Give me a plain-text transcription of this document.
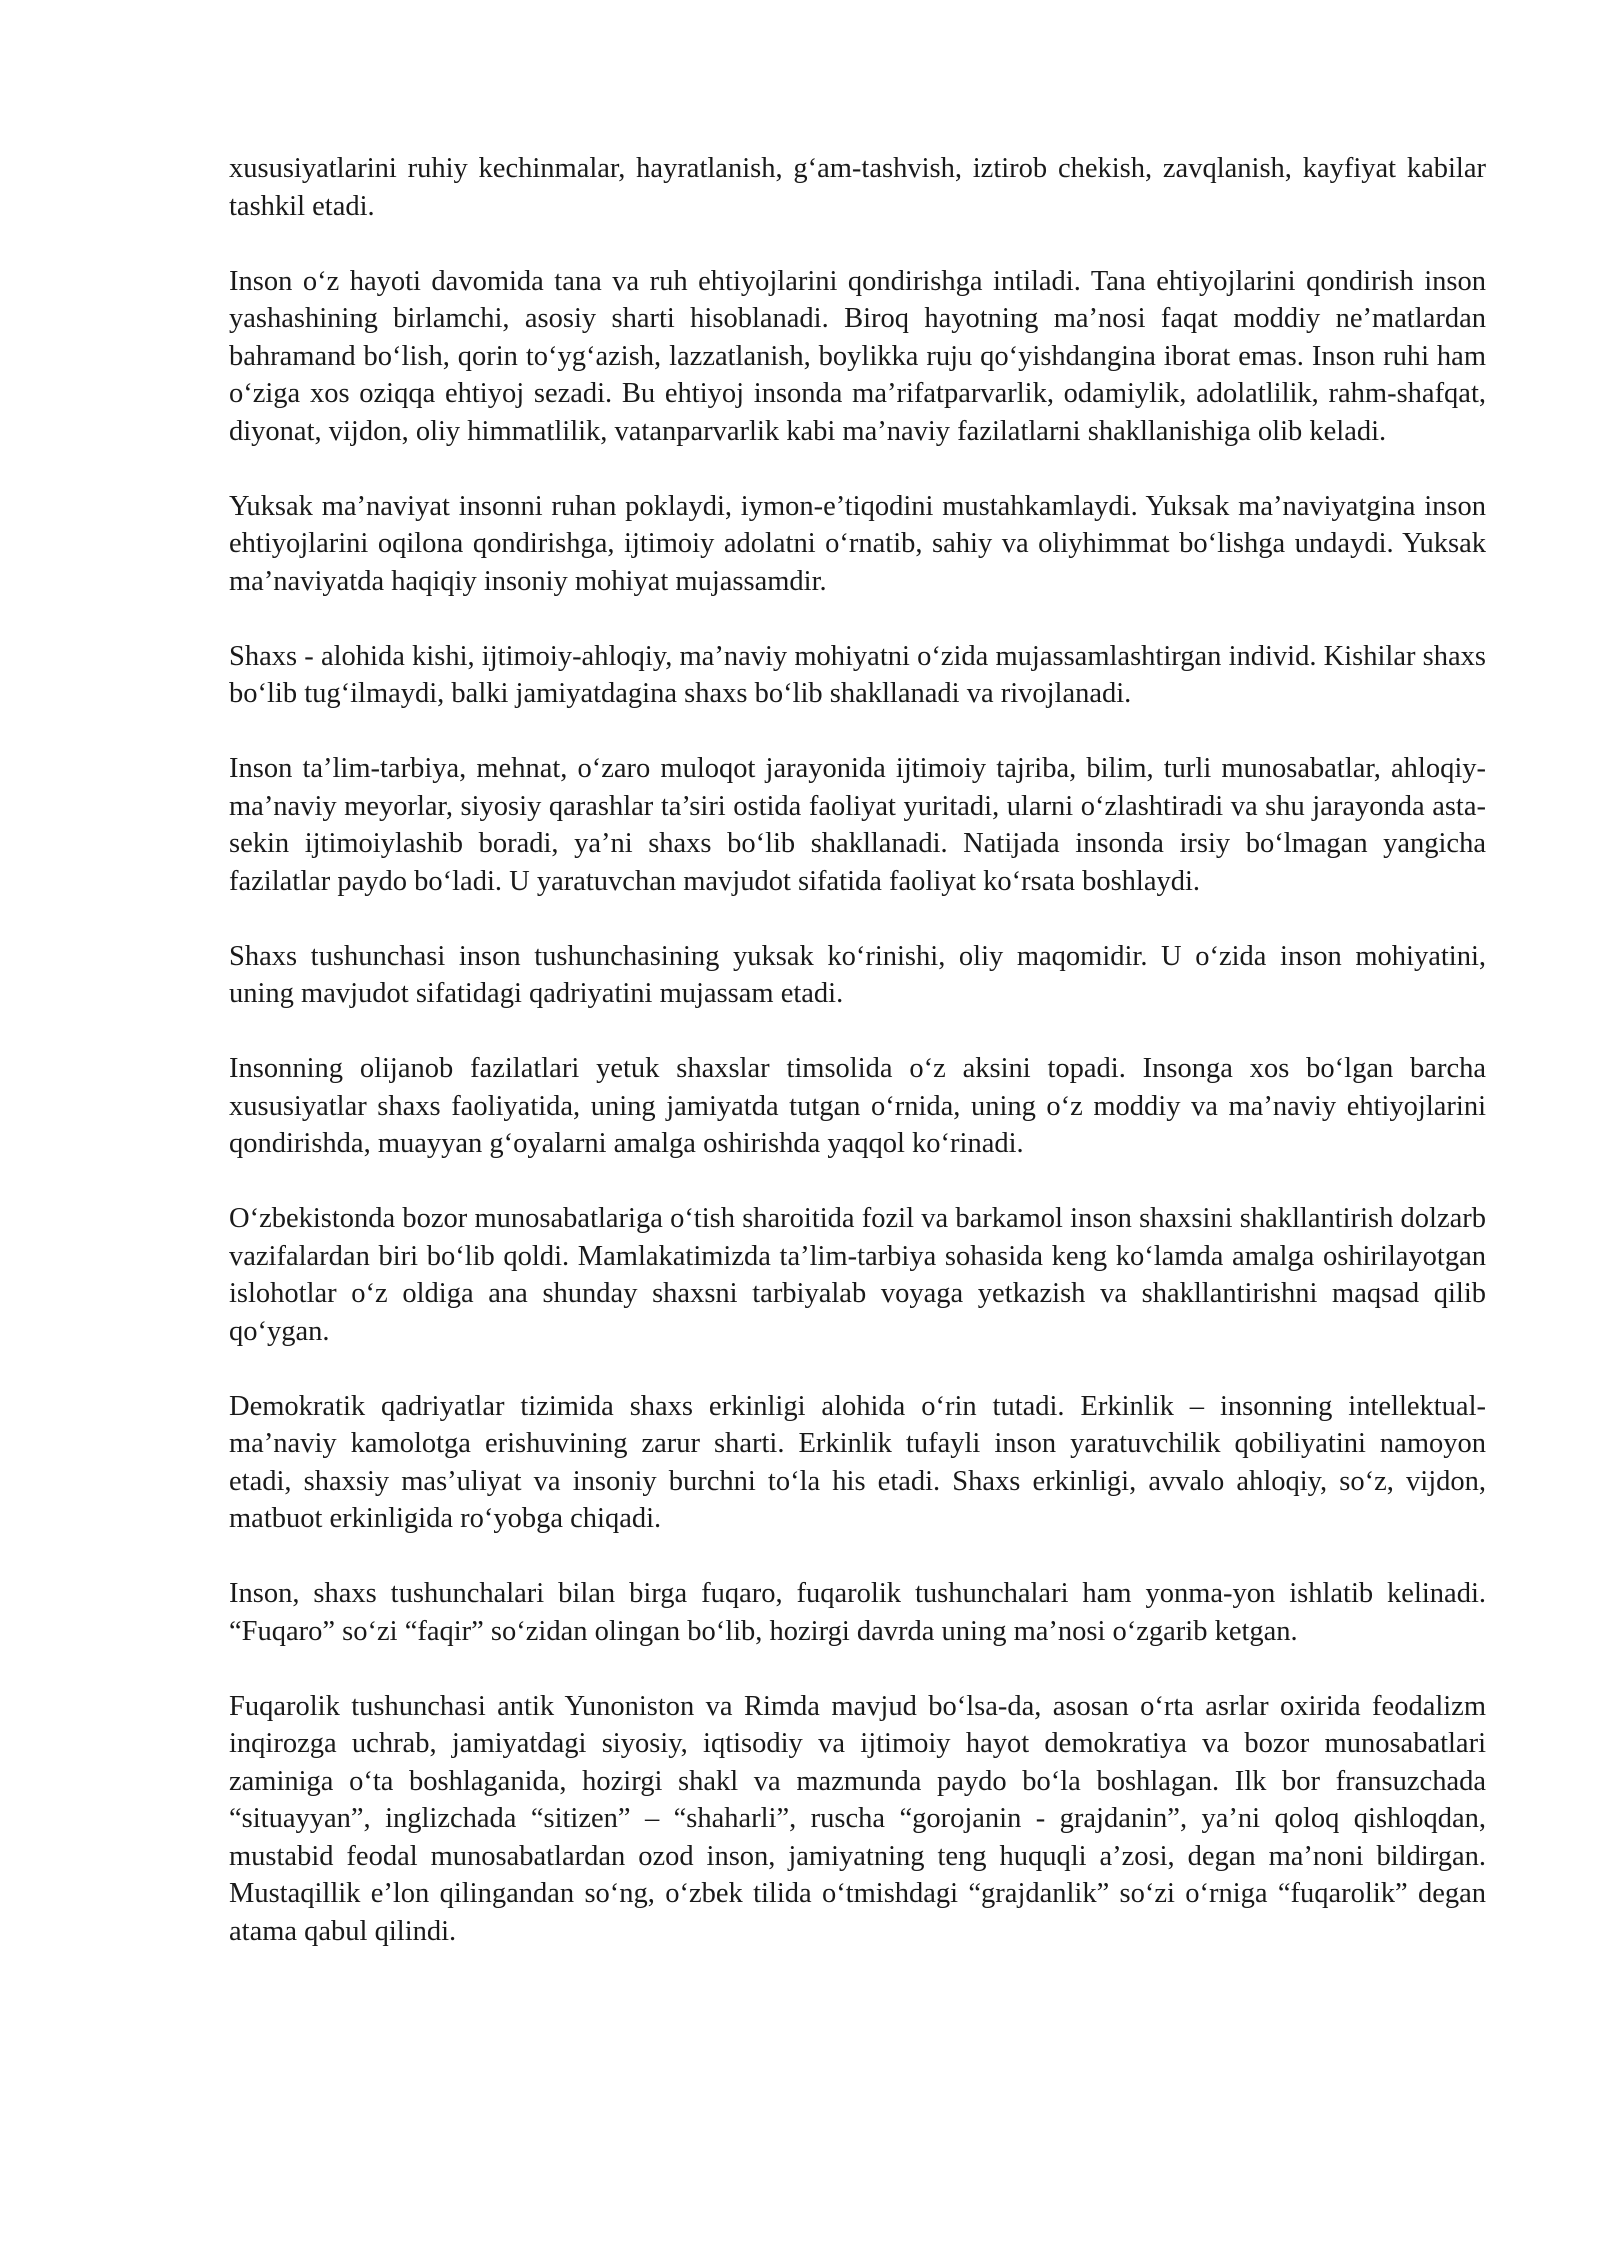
xususiyatlarini ruhiy kechinmalar, hayratlanish, g‘am-tashvish, iztirob chekish, zavqlanish, kayfiyat kabilar tashkil etadi.

Inson o‘z hayoti davomida tana va ruh ehtiyojlarini qondirishga intiladi. Tana ehtiyojlarini qondirish inson yashashining birlamchi, asosiy sharti hisoblanadi. Biroq hayotning ma’nosi faqat moddiy ne’matlardan bahramand bo‘lish, qorin to‘yg‘azish, lazzatlanish, boylikka ruju qo‘yishdangina iborat emas. Inson ruhi ham o‘ziga xos oziqqa ehtiyoj sezadi. Bu ehtiyoj insonda ma’rifatparvarlik, odamiylik, adolatlilik, rahm-shafqat, diyonat, vijdon, oliy himmatlilik, vatanparvarlik kabi ma’naviy fazilatlarni shakllanishiga olib keladi.

Yuksak ma’naviyat insonni ruhan poklaydi, iymon-e’tiqodini mustahkamlaydi. Yuksak ma’naviyatgina inson ehtiyojlarini oqilona qondirishga, ijtimoiy adolatni o‘rnatib, sahiy va oliyhimmat bo‘lishga undaydi. Yuksak ma’naviyatda haqiqiy insoniy mohiyat mujassamdir.

Shaxs - alohida kishi, ijtimoiy-ahloqiy, ma’naviy mohiyatni o‘zida mujassamlashtirgan individ. Kishilar shaxs bo‘lib tug‘ilmaydi, balki jamiyatdagina shaxs bo‘lib shakllanadi va rivojlanadi.

Inson ta’lim-tarbiya, mehnat, o‘zaro muloqot jarayonida ijtimoiy tajriba, bilim, turli munosabatlar, ahloqiy-ma’naviy meyorlar, siyosiy qarashlar ta’siri ostida faoliyat yuritadi, ularni o‘zlashtiradi va shu jarayonda asta-sekin ijtimoiylashib boradi, ya’ni shaxs bo‘lib shakllanadi. Natijada insonda irsiy bo‘lmagan yangicha fazilatlar paydo bo‘ladi. U yaratuvchan mavjudot sifatida faoliyat ko‘rsata boshlaydi.

Shaxs tushunchasi inson tushunchasining yuksak ko‘rinishi, oliy maqomidir. U o‘zida inson mohiyatini, uning mavjudot sifatidagi qadriyatini mujassam etadi.

Insonning olijanob fazilatlari yetuk shaxslar timsolida o‘z aksini topadi. Insonga xos bo‘lgan barcha xususiyatlar shaxs faoliyatida, uning jamiyatda tutgan o‘rnida, uning o‘z moddiy va ma’naviy ehtiyojlarini qondirishda, muayyan g‘oyalarni amalga oshirishda yaqqol ko‘rinadi.

O‘zbekistonda bozor munosabatlariga o‘tish sharoitida fozil va barkamol inson shaxsini shakllantirish dolzarb vazifalardan biri bo‘lib qoldi. Mamlakatimizda ta’lim-tarbiya sohasida keng ko‘lamda amalga oshirilayotgan islohotlar o‘z oldiga ana shunday shaxsni tarbiyalab voyaga yetkazish va shakllantirishni maqsad qilib qo‘ygan.

Demokratik qadriyatlar tizimida shaxs erkinligi alohida o‘rin tutadi. Erkinlik – insonning intellektual-ma’naviy kamolotga erishuvining zarur sharti. Erkinlik tufayli inson yaratuvchilik qobiliyatini namoyon etadi, shaxsiy mas’uliyat va insoniy burchni to‘la his etadi. Shaxs erkinligi, avvalo ahloqiy, so‘z, vijdon, matbuot erkinligida ro‘yobga chiqadi.

Inson, shaxs tushunchalari bilan birga fuqaro, fuqarolik tushunchalari ham yonma-yon ishlatib kelinadi. “Fuqaro” so‘zi “faqir” so‘zidan olingan bo‘lib, hozirgi davrda uning ma’nosi o‘zgarib ketgan.

Fuqarolik tushunchasi antik Yunoniston va Rimda mavjud bo‘lsa-da, asosan o‘rta asrlar oxirida feodalizm inqirozga uchrab, jamiyatdagi siyosiy, iqtisodiy va ijtimoiy hayot demokratiya va bozor munosabatlari zaminiga o‘ta boshlaganida, hozirgi shakl va mazmunda paydo bo‘la boshlagan. Ilk bor fransuzchada “situayyan”, inglizchada “sitizen” – “shaharli”, ruscha “gorojanin - grajdanin”, ya’ni qoloq qishloqdan, mustabid feodal munosabatlardan ozod inson, jamiyatning teng huquqli a’zosi, degan ma’noni bildirgan. Mustaqillik e’lon qilingandan so‘ng, o‘zbek tilida o‘tmishdagi “grajdanlik” so‘zi o‘rniga “fuqarolik” degan atama qabul qilindi.
